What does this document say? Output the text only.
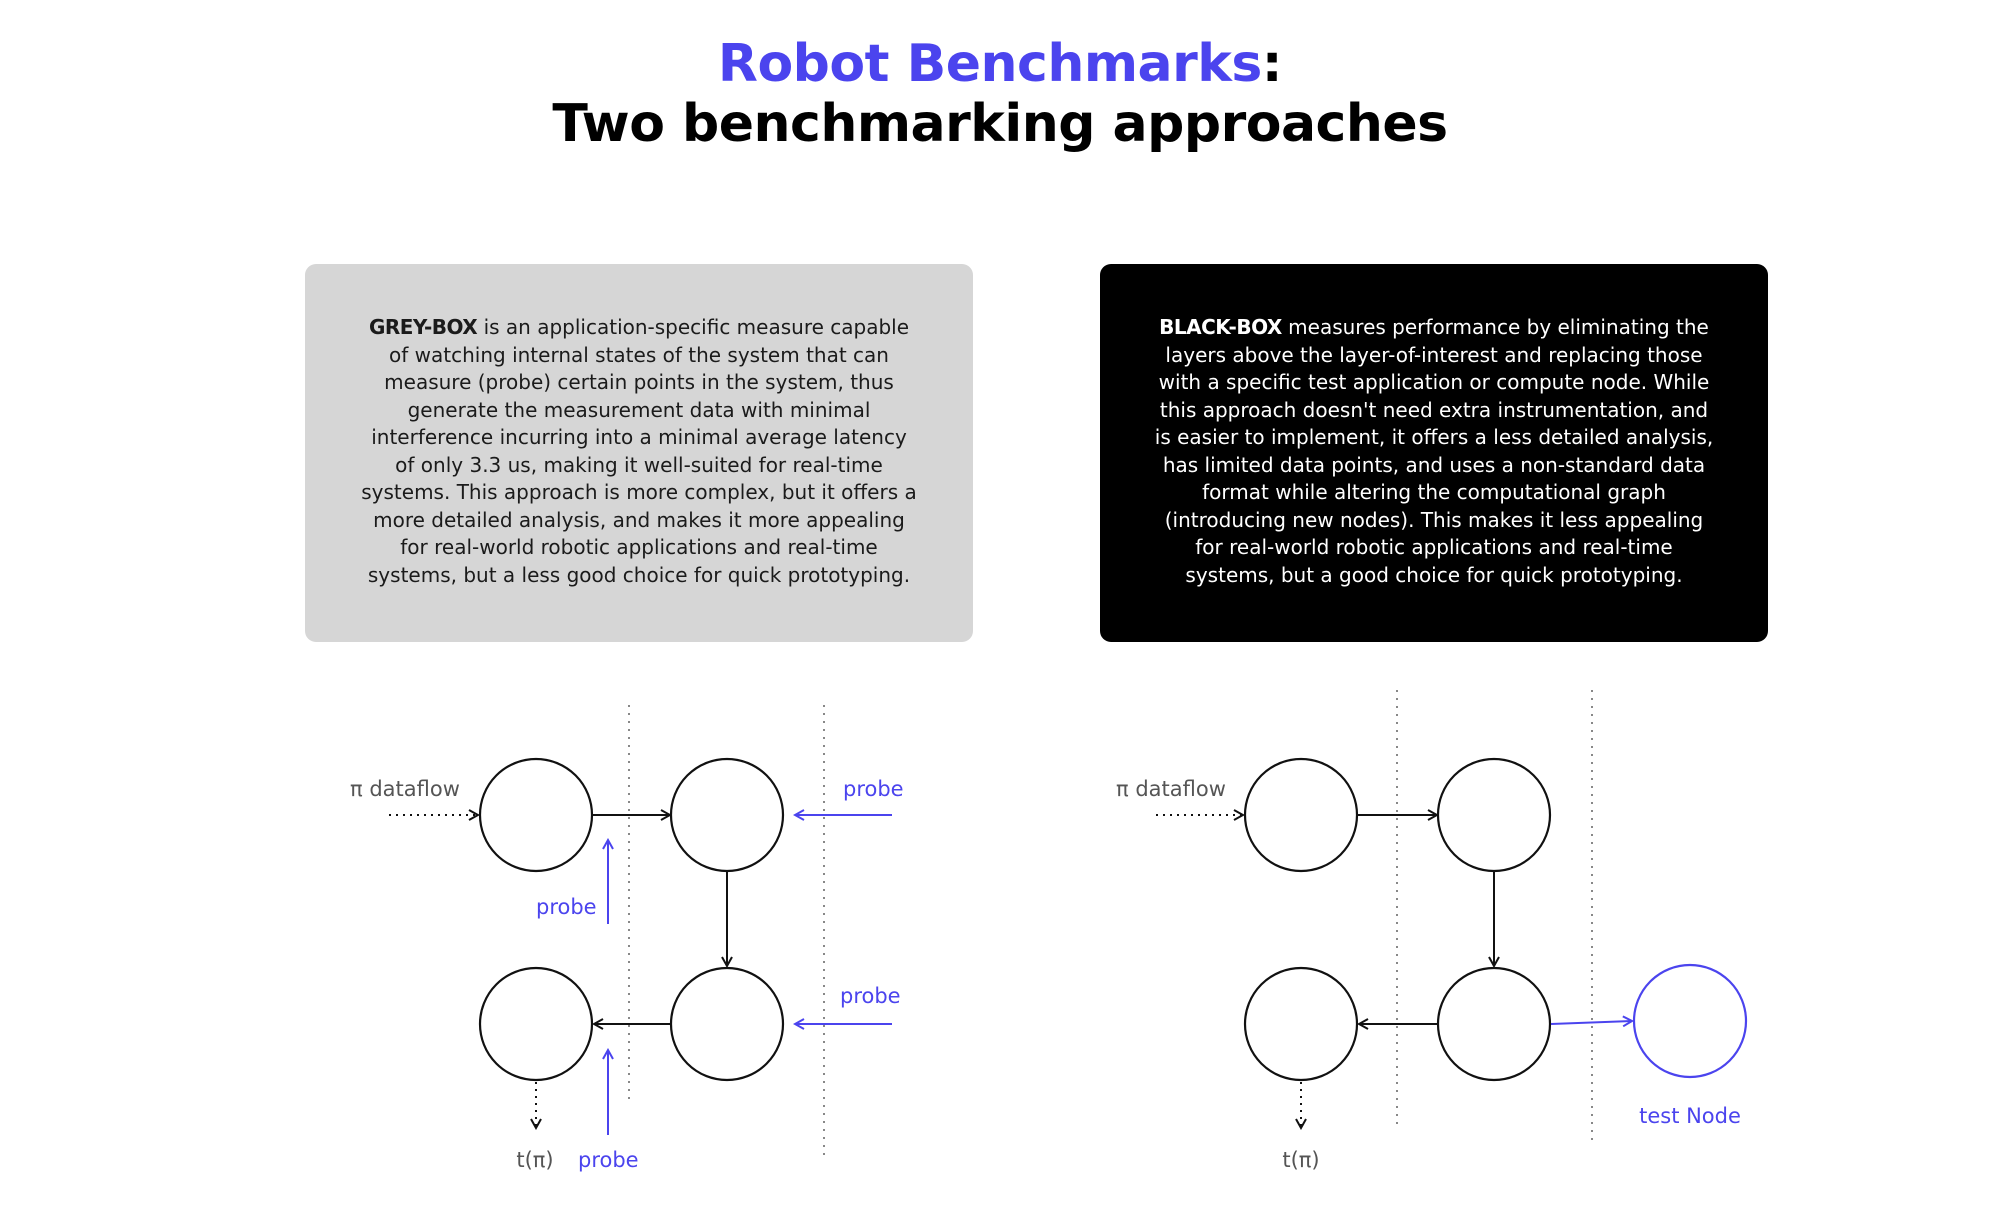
Robot Benchmarks:
Two benchmarking approaches
GREY-BOX is an application-specific measure capable of watching internal states of the system that can measure (probe) certain points in the system, thus generate the measurement data with minimal interference incurring into a minimal average latency of only 3.3 us, making it well-suited for real-time systems. This approach is more complex, but it offers a more detailed analysis, and makes it more appealing for real-world robotic applications and real-time systems, but a less good choice for quick prototyping.
BLACK-BOX measures performance by eliminating the layers above the layer-of-interest and replacing those with a specific test application or compute node. While this approach doesn't need extra instrumentation, and is easier to implement, it offers a less detailed analysis, has limited data points, and uses a non-standard data format while altering the computational graph (introducing new nodes). This makes it less appealing for real-world robotic applications and real-time systems, but a good choice for quick prototyping.
π dataflow
t(π)
probe
probe
probe
probe
π dataflow
t(π)
test Node
